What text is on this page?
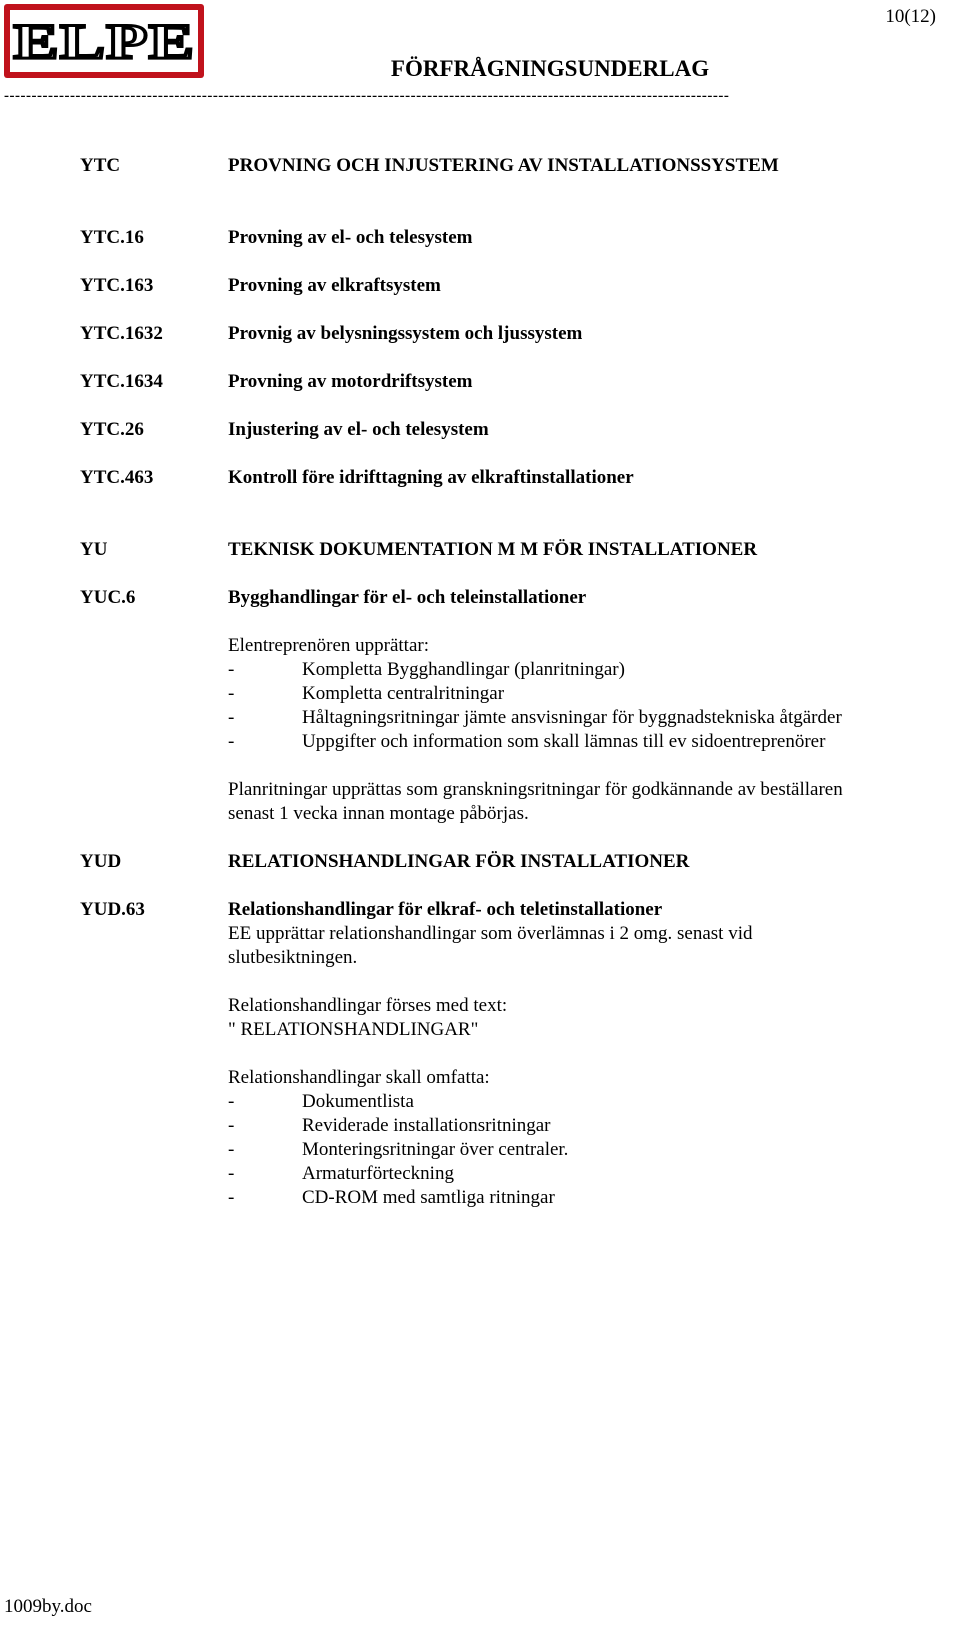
ELPE	10(12)
FÖRFRÅGNINGSUNDERLAG
------------------------------------------------------------------------------------------------------------------------------------
YTC	PROVNING OCH INJUSTERING AV INSTALLATIONSSYSTEM
YTC.16	Provning av el- och telesystem
YTC.163	Provning av elkraftsystem
YTC.1632	Provnig av belysningssystem och ljussystem
YTC.1634	Provning av motordriftsystem
YTC.26	Injustering av el- och telesystem
YTC.463	Kontroll före idrifttagning av elkraftinstallationer
YU	TEKNISK DOKUMENTATION M M FÖR INSTALLATIONER
YUC.6	Bygghandlingar för el- och teleinstallationer
Elentreprenören upprättar:
-	Kompletta Bygghandlingar (planritningar)
-	Kompletta centralritningar
-	Håltagningsritningar jämte ansvisningar för byggnadstekniska åtgärder
-	Uppgifter och information som skall lämnas till ev sidoentreprenörer
Planritningar upprättas som granskningsritningar för godkännande av beställaren
senast 1 vecka innan montage påbörjas.
YUD	RELATIONSHANDLINGAR FÖR INSTALLATIONER
YUD.63	Relationshandlingar för elkraf- och teletinstallationer
EE upprättar relationshandlingar som överlämnas i 2 omg. senast vid
slutbesiktningen.
Relationshandlingar förses med text:
" RELATIONSHANDLINGAR"
Relationshandlingar skall omfatta:
-	Dokumentlista
-	Reviderade installationsritningar
-	Monteringsritningar över centraler.
-	Armaturförteckning
-	CD-ROM med samtliga ritningar
1009by.doc
